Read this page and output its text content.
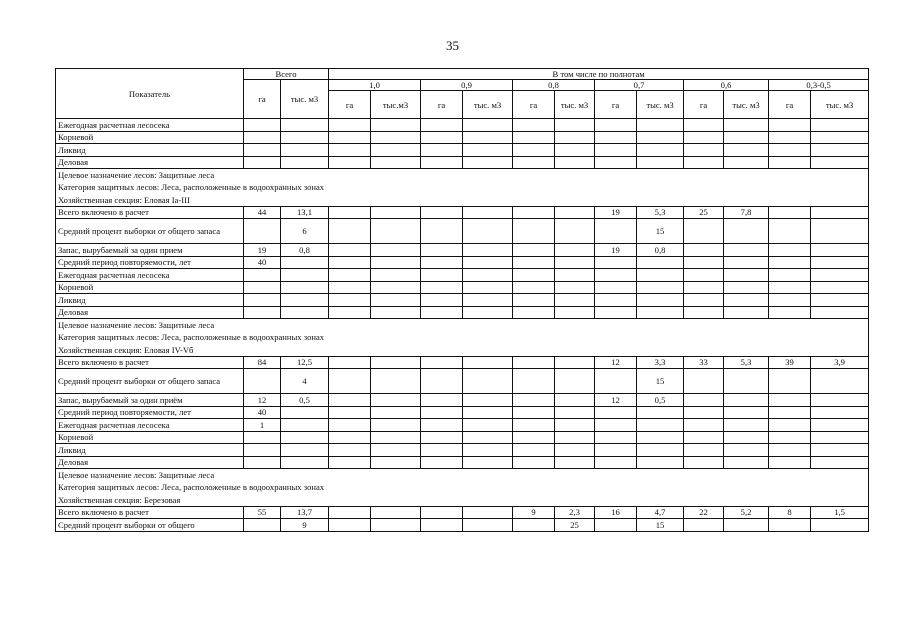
35
Показатель	Всего		В том числе по полнотам											
	га	тыс. м3	1,0		0,9		0,8		0,7		0,6		0,3-0,5	
			га	тыс.м3	га	тыс. м3	га	тыс. м3	га	тыс. м3	га	тыс. м3	га	тыс. м3
Ежегодная расчетная лесосека														
Корневой														
Ликвид														
Деловая														
Целевое назначение лесов: Защитные леса														
Категория защитных лесов: Леса, расположенные в водоохранных зонах														
Хозяйственная секция: Еловая Iа-III														
Всего включено в расчет	44	13,1							19	5,3	25	7,8		
Средний процент выборки от общего запаса		6								15				
Запас, вырубаемый за один прием	19	0,8							19	0,8				
Средний период повторяемости, лет	40													
Ежегодная расчетная лесосека														
Корневой														
Ликвид														
Деловая														
Целевое назначение лесов: Защитные леса														
Категория защитных лесов: Леса, расположенные в водоохранных зонах														
Хозяйственная секция: Еловая IV-Vб														
Всего включено в расчет	84	12,5							12	3,3	33	5,3	39	3,9
Средний процент выборки от общего запаса		4								15				
Запас, вырубаемый за один приём	12	0,5							12	0,5				
Средний период повторяемости, лет	40													
Ежегодная расчетная лесосека	1													
Корневой														
Ликвид														
Деловая														
Целевое назначение лесов: Защитные леса														
Категория защитных лесов: Леса, расположенные в водоохранных зонах														
Хозяйственная секция: Березовая														
Всего включено в расчет	55	13,7					9	2,3	16	4,7	22	5,2	8	1,5
Средний процент выборки от общего		9						25		15				
